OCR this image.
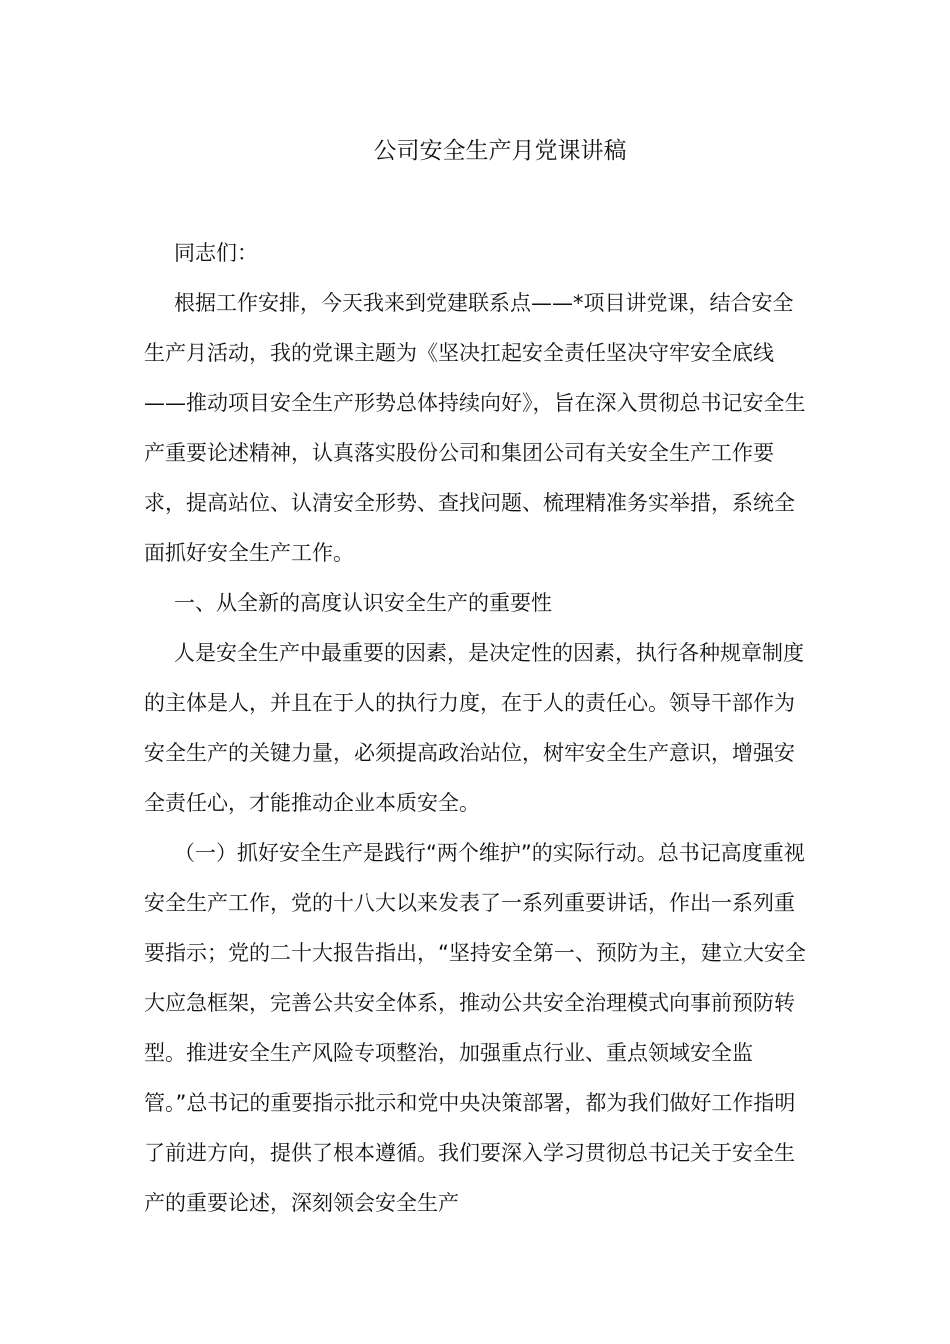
公司安全生产月党课讲稿

同志们：

根据工作安排，今天我来到党建联系点——*项目讲党课，结合安全生产月活动，我的党课主题为《坚决扛起安全责任坚决守牢安全底线——推动项目安全生产形势总体持续向好》，旨在深入贯彻总书记安全生产重要论述精神，认真落实股份公司和集团公司有关安全生产工作要求，提高站位、认清安全形势、查找问题、梳理精准务实举措，系统全面抓好安全生产工作。

一、从全新的高度认识安全生产的重要性

人是安全生产中最重要的因素，是决定性的因素，执行各种规章制度的主体是人，并且在于人的执行力度，在于人的责任心。领导干部作为安全生产的关键力量，必须提高政治站位，树牢安全生产意识，增强安全责任心，才能推动企业本质安全。

（一）抓好安全生产是践行“两个维护”的实际行动。总书记高度重视安全生产工作，党的十八大以来发表了一系列重要讲话，作出一系列重要指示；党的二十大报告指出，“坚持安全第一、预防为主，建立大安全大应急框架，完善公共安全体系，推动公共安全治理模式向事前预防转型。推进安全生产风险专项整治，加强重点行业、重点领域安全监管。”总书记的重要指示批示和党中央决策部署，都为我们做好工作指明了前进方向，提供了根本遵循。我们要深入学习贯彻总书记关于安全生产的重要论述，深刻领会安全生产
